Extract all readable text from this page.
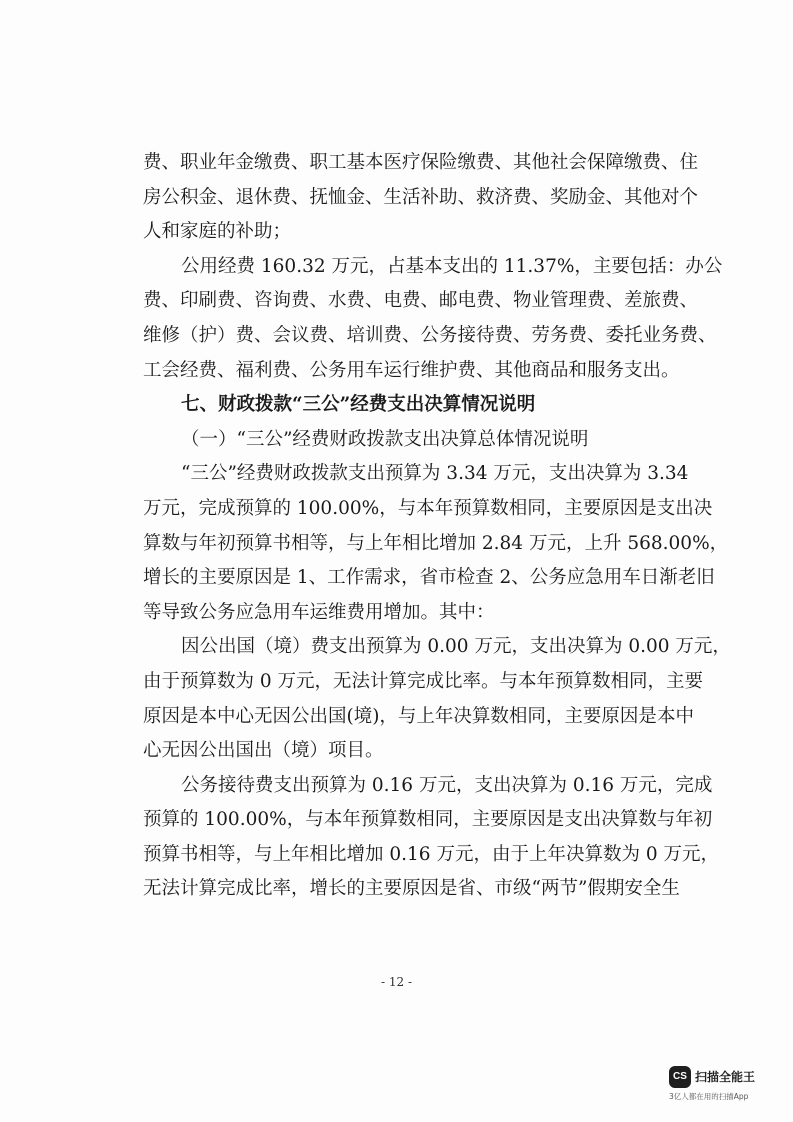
费、职业年金缴费、职工基本医疗保险缴费、其他社会保障缴费、住
房公积金、退休费、抚恤金、生活补助、救济费、奖励金、其他对个
人和家庭的补助；
公用经费 160.32 万元，占基本支出的 11.37%，主要包括：办公
费、印刷费、咨询费、水费、电费、邮电费、物业管理费、差旅费、
维修（护）费、会议费、培训费、公务接待费、劳务费、委托业务费、
工会经费、福利费、公务用车运行维护费、其他商品和服务支出。
七、财政拨款“三公”经费支出决算情况说明
（一）“三公”经费财政拨款支出决算总体情况说明
“三公”经费财政拨款支出预算为 3.34 万元，支出决算为 3.34
万元，完成预算的 100.00%，与本年预算数相同，主要原因是支出决
算数与年初预算书相等，与上年相比增加 2.84 万元，上升 568.00%，
增长的主要原因是 1、工作需求，省市检查 2、公务应急用车日渐老旧
等导致公务应急用车运维费用增加。其中：
因公出国（境）费支出预算为 0.00 万元，支出决算为 0.00 万元，
由于预算数为 0 万元，无法计算完成比率。与本年预算数相同，主要
原因是本中心无因公出国(境)，与上年决算数相同，主要原因是本中
心无因公出国出（境）项目。
公务接待费支出预算为 0.16 万元，支出决算为 0.16 万元，完成
预算的 100.00%，与本年预算数相同，主要原因是支出决算数与年初
预算书相等，与上年相比增加 0.16 万元，由于上年决算数为 0 万元，
无法计算完成比率，增长的主要原因是省、市级“两节”假期安全生
- 12 -
CS 扫描全能王
3亿人都在用的扫描App
